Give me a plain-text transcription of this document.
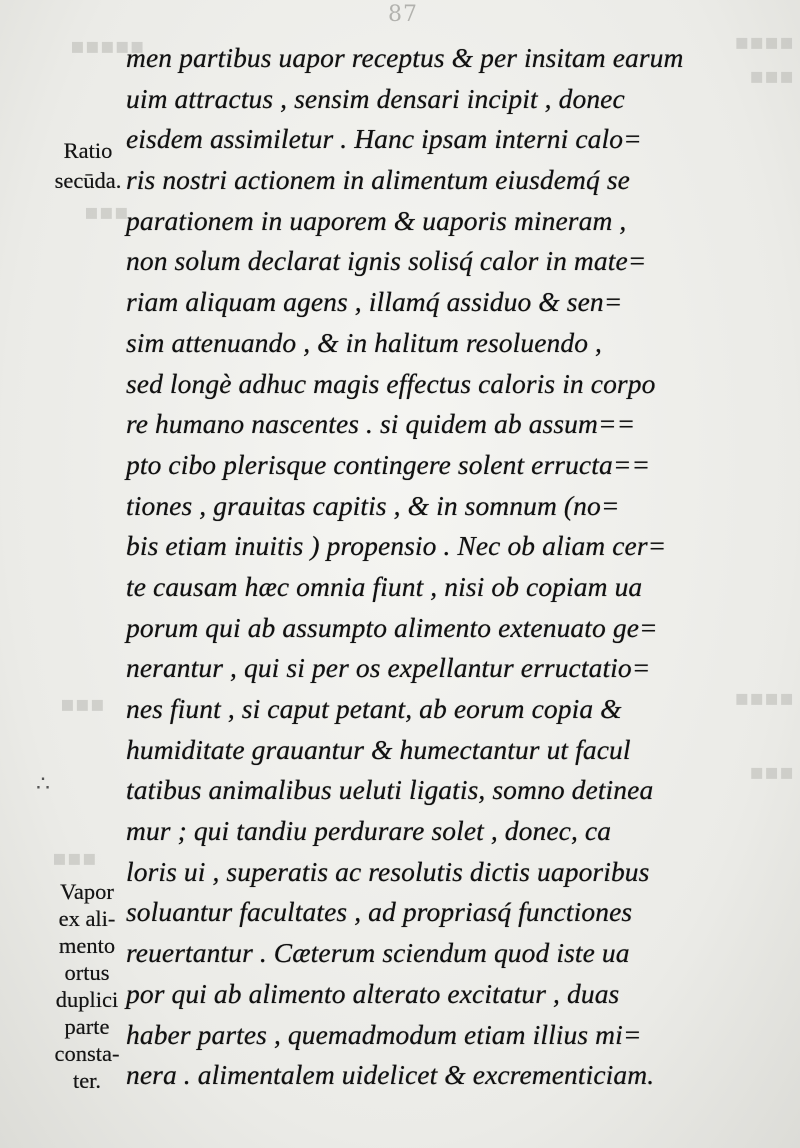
87
▪▪▪▪▪	▪▪▪▪
▪▪▪
▪▪▪
▪▪▪	▪▪▪▪
▪▪▪
▪▪▪
∴
Ratio
secūda.
Vapor
ex ali-
mento
ortus
duplici
parte
consta-
ter.
men partibus uapor receptus & per insitam earum
uim attractus , sensim densari incipit , donec
eisdem assimiletur . Hanc ipsam interni calo=
ris nostri actionem in alimentum eiusdemq́ se
parationem in uaporem & uaporis mineram ,
non solum declarat ignis solisq́ calor in mate=
riam aliquam agens , illamq́ assiduo & sen=
sim attenuando , & in halitum resoluendo ,
sed longè adhuc magis effectus caloris in corpo
re humano nascentes . si quidem ab assum==
pto cibo plerisque contingere solent erructa==
tiones , grauitas capitis , & in somnum (no=
bis etiam inuitis ) propensio . Nec ob aliam cer=
te causam hæc omnia fiunt , nisi ob copiam ua
porum qui ab assumpto alimento extenuato ge=
nerantur , qui si per os expellantur erructatio=
nes fiunt , si caput petant, ab eorum copia &
humiditate grauantur & humectantur ut facul
tatibus animalibus ueluti ligatis, somno detinea
mur ; qui tandiu perdurare solet , donec, ca
loris ui , superatis ac resolutis dictis uaporibus
soluantur facultates , ad propriasq́ functiones
reuertantur . Cæterum sciendum quod iste ua
por qui ab alimento alterato excitatur , duas
haber partes , quemadmodum etiam illius mi=
nera . alimentalem uidelicet & excrementiciam.
